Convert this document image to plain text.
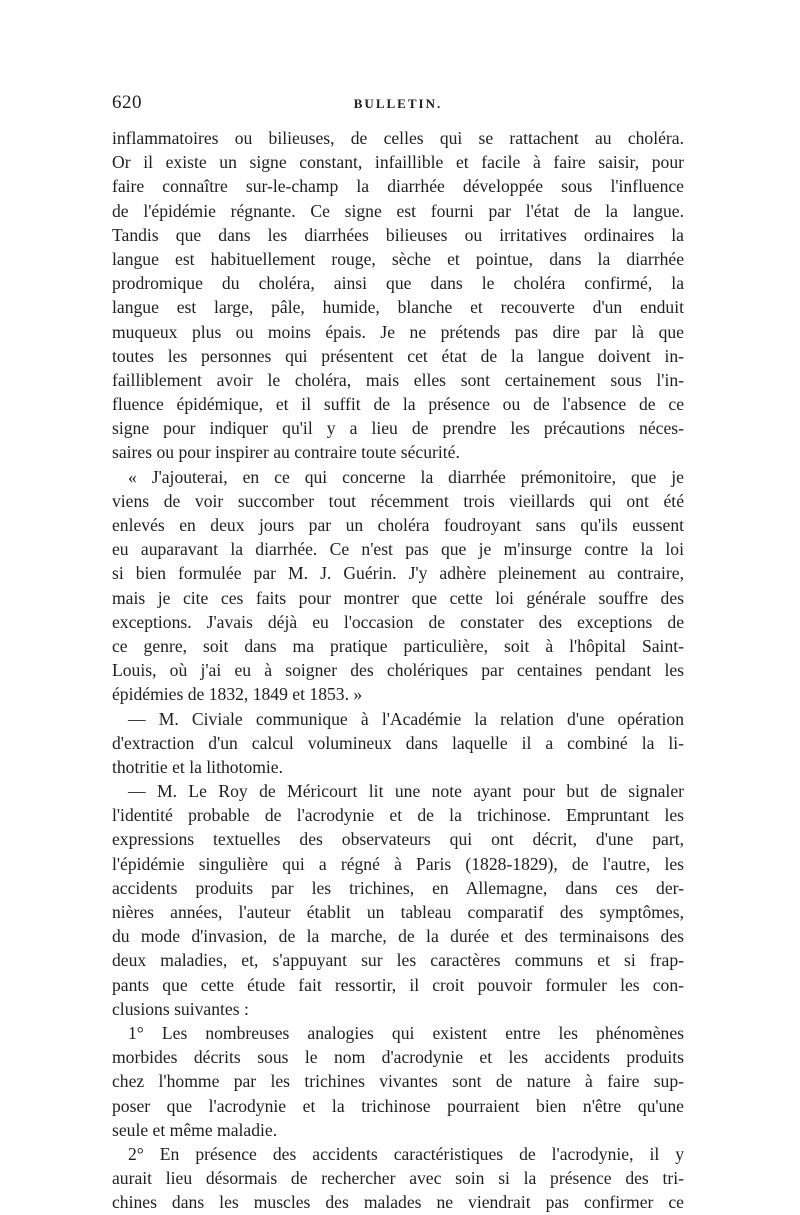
620	BULLETIN.
inflammatoires ou bilieuses, de celles qui se rattachent au choléra.
Or il existe un signe constant, infaillible et facile à faire saisir, pour
faire connaître sur-le-champ la diarrhée développée sous l'influence
de l'épidémie régnante. Ce signe est fourni par l'état de la langue.
Tandis que dans les diarrhées bilieuses ou irritatives ordinaires la
langue est habituellement rouge, sèche et pointue, dans la diarrhée
prodromique du choléra, ainsi que dans le choléra confirmé, la
langue est large, pâle, humide, blanche et recouverte d'un enduit
muqueux plus ou moins épais. Je ne prétends pas dire par là que
toutes les personnes qui présentent cet état de la langue doivent in-
failliblement avoir le choléra, mais elles sont certainement sous l'in-
fluence épidémique, et il suffit de la présence ou de l'absence de ce
signe pour indiquer qu'il y a lieu de prendre les précautions néces-
saires ou pour inspirer au contraire toute sécurité.
« J'ajouterai, en ce qui concerne la diarrhée prémonitoire, que je
viens de voir succomber tout récemment trois vieillards qui ont été
enlevés en deux jours par un choléra foudroyant sans qu'ils eussent
eu auparavant la diarrhée. Ce n'est pas que je m'insurge contre la loi
si bien formulée par M. J. Guérin. J'y adhère pleinement au contraire,
mais je cite ces faits pour montrer que cette loi générale souffre des
exceptions. J'avais déjà eu l'occasion de constater des exceptions de
ce genre, soit dans ma pratique particulière, soit à l'hôpital Saint-
Louis, où j'ai eu à soigner des cholériques par centaines pendant les
épidémies de 1832, 1849 et 1853. »
— M. Civiale communique à l'Académie la relation d'une opération
d'extraction d'un calcul volumineux dans laquelle il a combiné la li-
thotritie et la lithotomie.
— M. Le Roy de Méricourt lit une note ayant pour but de signaler
l'identité probable de l'acrodynie et de la trichinose. Empruntant les
expressions textuelles des observateurs qui ont décrit, d'une part,
l'épidémie singulière qui a régné à Paris (1828-1829), de l'autre, les
accidents produits par les trichines, en Allemagne, dans ces der-
nières années, l'auteur établit un tableau comparatif des symptômes,
du mode d'invasion, de la marche, de la durée et des terminaisons des
deux maladies, et, s'appuyant sur les caractères communs et si frap-
pants que cette étude fait ressortir, il croit pouvoir formuler les con-
clusions suivantes :
1° Les nombreuses analogies qui existent entre les phénomènes
morbides décrits sous le nom d'acrodynie et les accidents produits
chez l'homme par les trichines vivantes sont de nature à faire sup-
poser que l'acrodynie et la trichinose pourraient bien n'être qu'une
seule et même maladie.
2° En présence des accidents caractéristiques de l'acrodynie, il y
aurait lieu désormais de rechercher avec soin si la présence des tri-
chines dans les muscles des malades ne viendrait pas confirmer ce
